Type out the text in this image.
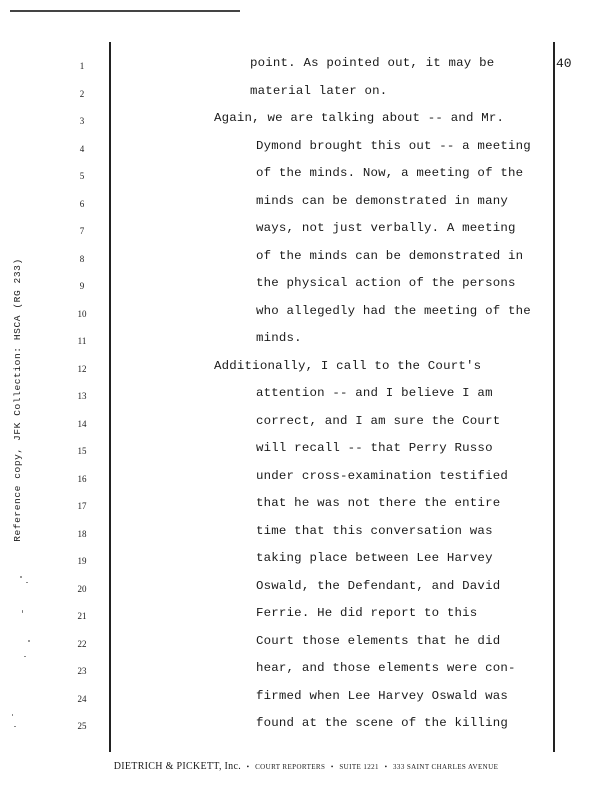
40
Reference copy, JFK Collection: HSCA (RG 233)
1	point. As pointed out, it may be
2	material later on.
3	Again, we are talking about -- and Mr.
4	Dymond brought this out -- a meeting
5	of the minds. Now, a meeting of the
6	minds can be demonstrated in many
7	ways, not just verbally. A meeting
8	of the minds can be demonstrated in
9	the physical action of the persons
10	who allegedly had the meeting of the
11	minds.
12	Additionally, I call to the Court's
13	attention -- and I believe I am
14	correct, and I am sure the Court
15	will recall -- that Perry Russo
16	under cross-examination testified
17	that he was not there the entire
18	time that this conversation was
19	taking place between Lee Harvey
20	Oswald, the Defendant, and David
21	Ferrie. He did report to this
22	Court those elements that he did
23	hear, and those elements were con-
24	firmed when Lee Harvey Oswald was
25	found at the scene of the killing
DIETRICH & PICKETT, Inc. • COURT REPORTERS • SUITE 1221 • 333 SAINT CHARLES AVENUE
